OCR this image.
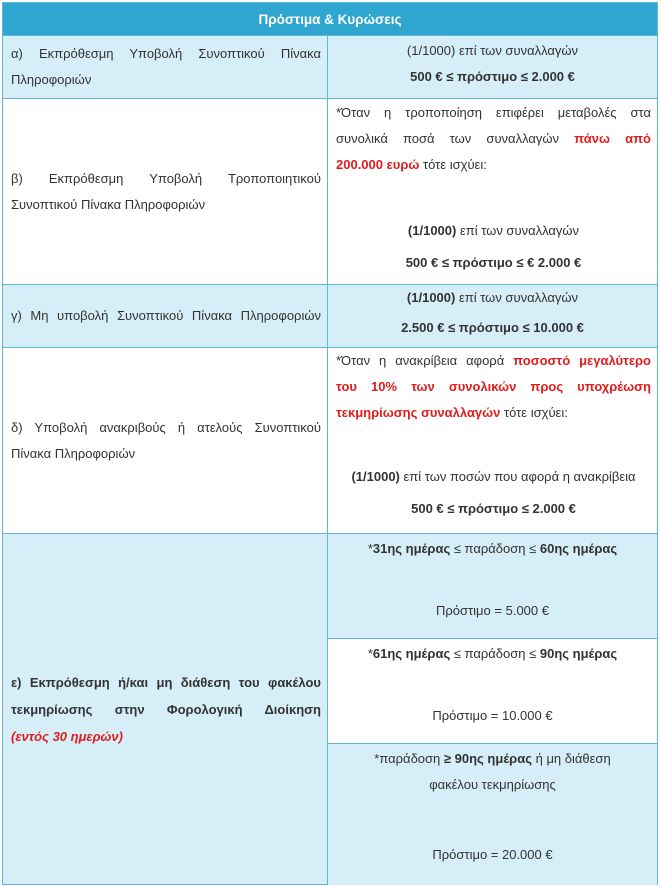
Πρόστιμα & Κυρώσεις
α) Εκπρόθεσμη Υποβολή Συνοπτικού Πίνακα Πληροφοριών
(1/1000) επί των συναλλαγών
500 € ≤ πρόστιμο ≤ 2.000 €
β) Εκπρόθεσμη Υποβολή Τροποποιητικού Συνοπτικού Πίνακα Πληροφοριών
*Όταν η τροποποίηση επιφέρει μεταβολές στα
συνολικά ποσά των συναλλαγών πάνω από
200.000 ευρώ τότε ισχύει:
(1/1000) επί των συναλλαγών
500 € ≤ πρόστιμο ≤ € 2.000 €
γ) Μη υποβολή Συνοπτικού Πίνακα Πληροφοριών
(1/1000) επί των συναλλαγών
2.500 € ≤ πρόστιμο ≤ 10.000 €
δ) Υποβολή ανακριβούς ή ατελούς Συνοπτικού Πίνακα Πληροφοριών
*Όταν η ανακρίβεια αφορά ποσοστό μεγαλύτερο
του 10% των συνολικών προς υποχρέωση
τεκμηρίωσης συναλλαγών τότε ισχύει:
(1/1000) επί των ποσών που αφορά η ανακρίβεια
500 € ≤ πρόστιμο ≤ 2.000 €
ε) Εκπρόθεσμη ή/και μη διάθεση του φακέλου
τεκμηρίωσης στην Φορολογική Διοίκηση
(εντός 30 ημερών)
*31ης ημέρας ≤ παράδοση ≤ 60ης ημέρας
Πρόστιμο = 5.000 €
*61ης ημέρας ≤ παράδοση ≤ 90ης ημέρας
Πρόστιμο = 10.000 €
*παράδοση ≥ 90ης ημέρας ή μη διάθεση
φακέλου τεκμηρίωσης
Πρόστιμο = 20.000 €
